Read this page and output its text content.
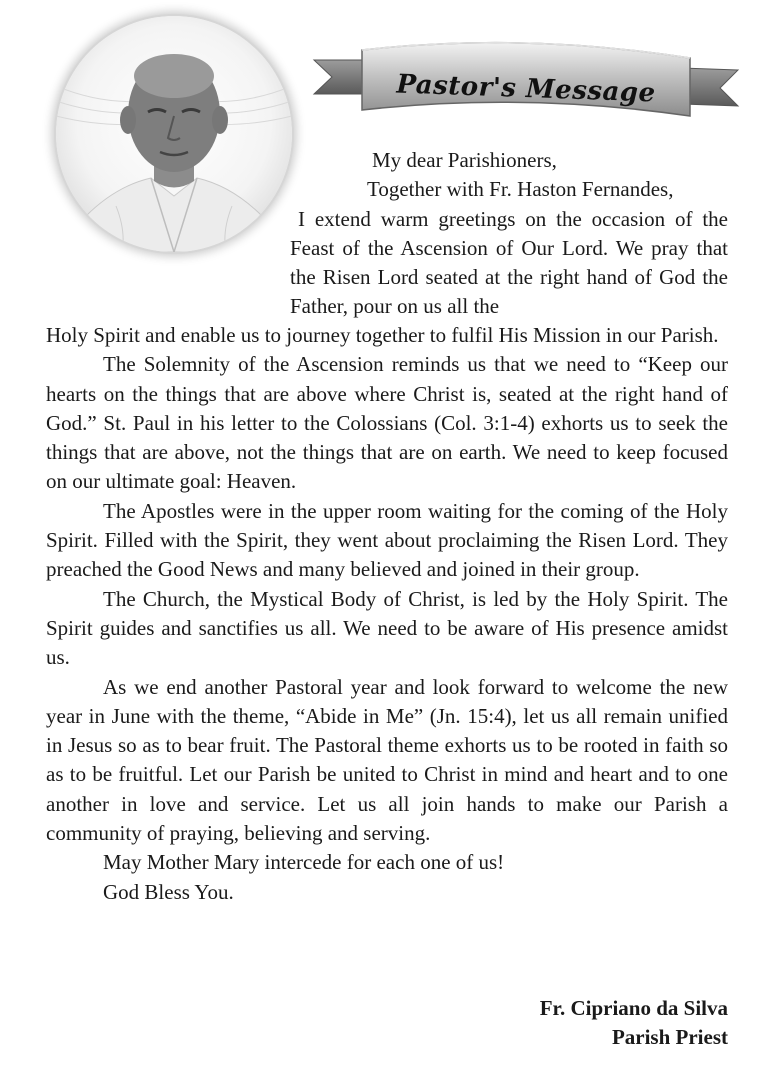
Pastor's Message
My dear Parishioners,
Together with Fr. Haston Fernandes,
I extend warm greetings on the occasion of the Feast of the Ascension of Our Lord. We pray that the Risen Lord seated at the right hand of God the Father, pour on us all the

Holy Spirit and enable us to journey together to fulfil His Mission in our Parish.

The Solemnity of the Ascension reminds us that we need to “Keep our hearts on the things that are above where Christ is, seated at the right hand of God.” St. Paul in his letter to the Colossians (Col. 3:1-4) exhorts us to seek the things that are above, not the things that are on earth. We need to keep focused on our ultimate goal: Heaven.

The Apostles were in the upper room waiting for the coming of the Holy Spirit. Filled with the Spirit, they went about proclaiming the Risen Lord. They preached the Good News and many believed and joined in their group.

The Church, the Mystical Body of Christ, is led by the Holy Spirit. The Spirit guides and sanctifies us all. We need to be aware of His presence amidst us.

As we end another Pastoral year and look forward to welcome the new year in June with the theme, “Abide in Me” (Jn. 15:4), let us all remain unified in Jesus so as to bear fruit. The Pastoral theme exhorts us to be rooted in faith so as to be fruitful. Let our Parish be united to Christ in mind and heart and to one another in love and service. Let us all join hands to make our Parish a community of praying, believing and serving.

May Mother Mary intercede for each one of us!

God Bless You.

Fr. Cipriano da Silva
Parish Priest
